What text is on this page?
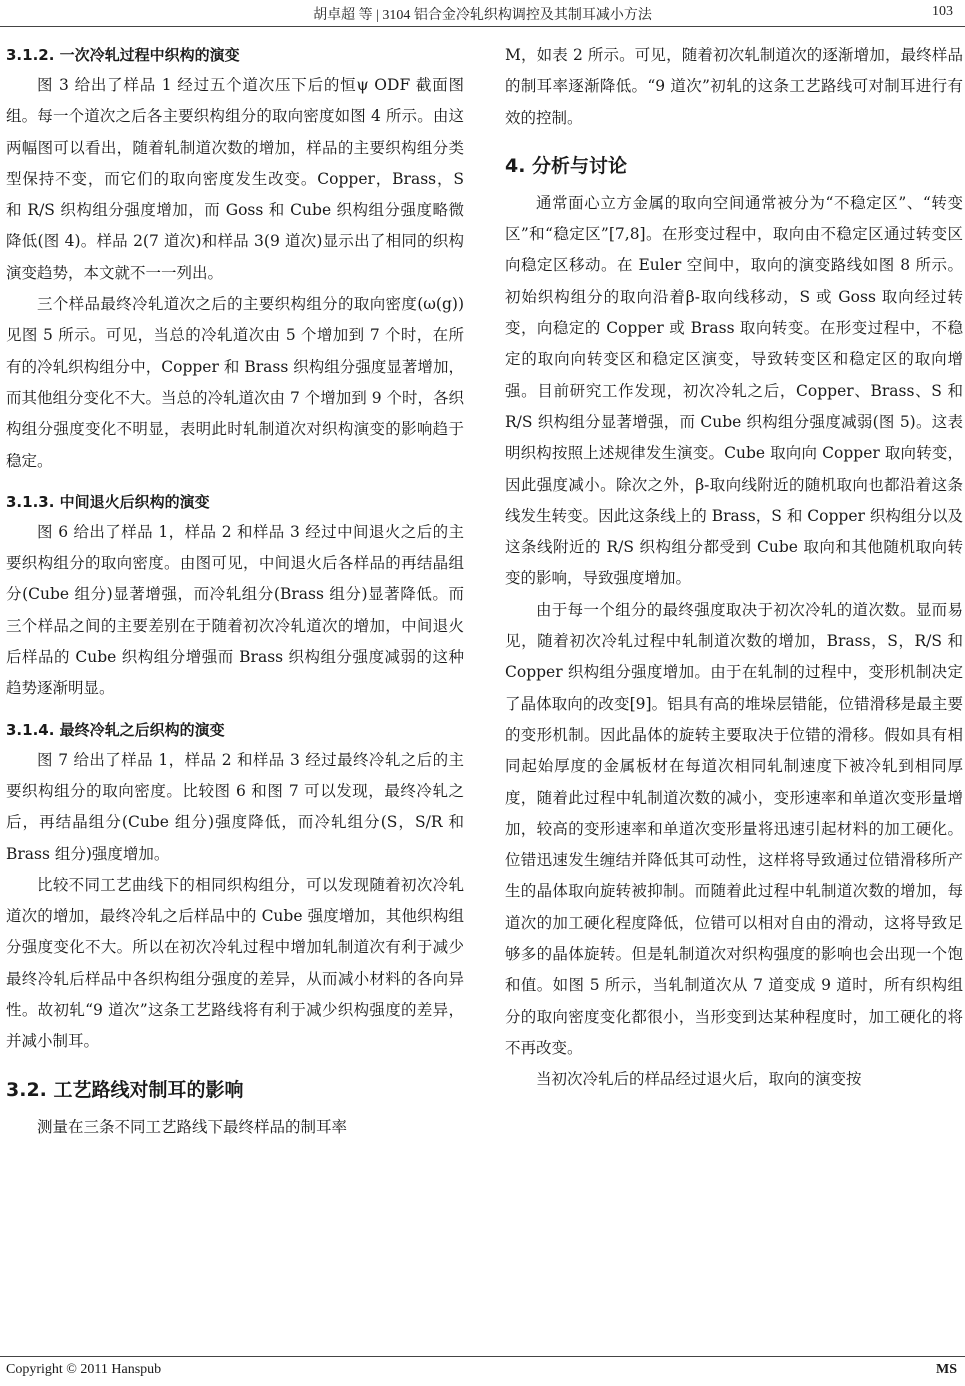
胡卓超 等 | 3104 铝合金冷轧织构调控及其制耳减小方法	103
3.1.2. 一次冷轧过程中织构的演变

图 3 给出了样品 1 经过五个道次压下后的恒ψ ODF 截面图组。每一个道次之后各主要织构组分的取向密度如图 4 所示。由这两幅图可以看出，随着轧制道次数的增加，样品的主要织构组分类型保持不变，而它们的取向密度发生改变。Copper，Brass，S 和 R/S 织构组分强度增加，而 Goss 和 Cube 织构组分强度略微降低(图 4)。样品 2(7 道次)和样品 3(9 道次)显示出了相同的织构演变趋势，本文就不一一列出。

三个样品最终冷轧道次之后的主要织构组分的取向密度(ω(g))见图 5 所示。可见，当总的冷轧道次由 5 个增加到 7 个时，在所有的冷轧织构组分中，Copper 和 Brass 织构组分强度显著增加，而其他组分变化不大。当总的冷轧道次由 7 个增加到 9 个时，各织构组分强度变化不明显，表明此时轧制道次对织构演变的影响趋于稳定。

3.1.3. 中间退火后织构的演变

图 6 给出了样品 1，样品 2 和样品 3 经过中间退火之后的主要织构组分的取向密度。由图可见，中间退火后各样品的再结晶组分(Cube 组分)显著增强，而冷轧组分(Brass 组分)显著降低。而三个样品之间的主要差别在于随着初次冷轧道次的增加，中间退火后样品的 Cube 织构组分增强而 Brass 织构组分强度减弱的这种趋势逐渐明显。

3.1.4. 最终冷轧之后织构的演变

图 7 给出了样品 1，样品 2 和样品 3 经过最终冷轧之后的主要织构组分的取向密度。比较图 6 和图 7 可以发现，最终冷轧之后，再结晶组分(Cube 组分)强度降低，而冷轧组分(S，S/R 和 Brass 组分)强度增加。

比较不同工艺曲线下的相同织构组分，可以发现随着初次冷轧道次的增加，最终冷轧之后样品中的 Cube 强度增加，其他织构组分强度变化不大。所以在初次冷轧过程中增加轧制道次有利于减少最终冷轧后样品中各织构组分强度的差异，从而减小材料的各向异性。故初轧“9 道次”这条工艺路线将有利于减少织构强度的差异，并减小制耳。

3.2. 工艺路线对制耳的影响

测量在三条不同工艺路线下最终样品的制耳率

M，如表 2 所示。可见，随着初次轧制道次的逐渐增加，最终样品的制耳率逐渐降低。“9 道次”初轧的这条工艺路线可对制耳进行有效的控制。

4. 分析与讨论

通常面心立方金属的取向空间通常被分为“不稳定区”、“转变区”和“稳定区”[7,8]。在形变过程中，取向由不稳定区通过转变区向稳定区移动。在 Euler 空间中，取向的演变路线如图 8 所示。初始织构组分的取向沿着β-取向线移动，S 或 Goss 取向经过转变，向稳定的 Copper 或 Brass 取向转变。在形变过程中，不稳定的取向向转变区和稳定区演变，导致转变区和稳定区的取向增强。目前研究工作发现，初次冷轧之后，Copper、Brass、S 和 R/S 织构组分显著增强，而 Cube 织构组分强度减弱(图 5)。这表明织构按照上述规律发生演变。Cube 取向向 Copper 取向转变，因此强度减小。除次之外，β-取向线附近的随机取向也都沿着这条线发生转变。因此这条线上的 Brass，S 和 Copper 织构组分以及这条线附近的 R/S 织构组分都受到 Cube 取向和其他随机取向转变的影响，导致强度增加。

由于每一个组分的最终强度取决于初次冷轧的道次数。显而易见，随着初次冷轧过程中轧制道次数的增加，Brass，S，R/S 和 Copper 织构组分强度增加。由于在轧制的过程中，变形机制决定了晶体取向的改变[9]。铝具有高的堆垛层错能，位错滑移是最主要的变形机制。因此晶体的旋转主要取决于位错的滑移。假如具有相同起始厚度的金属板材在每道次相同轧制速度下被冷轧到相同厚度，随着此过程中轧制道次数的减小，变形速率和单道次变形量增加，较高的变形速率和单道次变形量将迅速引起材料的加工硬化。位错迅速发生缠结并降低其可动性，这样将导致通过位错滑移所产生的晶体取向旋转被抑制。而随着此过程中轧制道次数的增加，每道次的加工硬化程度降低，位错可以相对自由的滑动，这将导致足够多的晶体旋转。但是轧制道次对织构强度的影响也会出现一个饱和值。如图 5 所示，当轧制道次从 7 道变成 9 道时，所有织构组分的取向密度变化都很小，当形变到达某种程度时，加工硬化的将不再改变。

当初次冷轧后的样品经过退火后，取向的演变按

Copyright © 2011 Hanspub	MS
